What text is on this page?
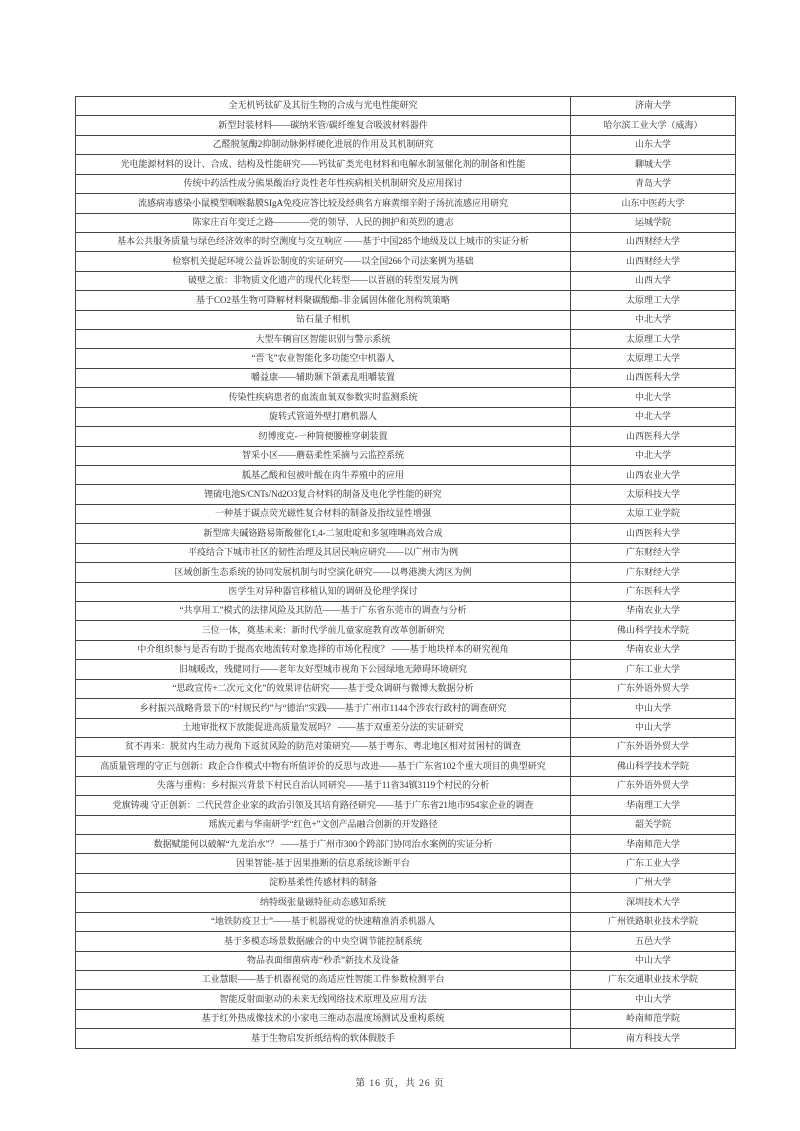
全无机钙钛矿及其衍生物的合成与光电性能研究	济南大学
新型封装材料——碳纳米管/碳纤维复合吸波材料器件	哈尔滨工业大学（威海）
乙醛脱氢酶2抑制动脉粥样硬化进展的作用及其机制研究	山东大学
光电能源材料的设计、合成、结构及性能研究——钙钛矿类光电材料和电解水制氢催化剂的制备和性能	聊城大学
传统中药活性成分熊果酸治疗炎性老年性疾病相关机制研究及应用探讨	青岛大学
流感病毒感染小鼠模型咽喉黏膜SIgA免疫应答比较及经典名方麻黄细辛附子汤抗流感应用研究	山东中医药大学
陈家庄百年变迁之路————党的领导、人民的拥护和英烈的遗志	运城学院
基本公共服务质量与绿色经济效率的时空测度与交互响应 ——基于中国285个地级及以上城市的实证分析	山西财经大学
检察机关提起环境公益诉讼制度的实证研究——以全国266个司法案例为基础	山西财经大学
破壁之旅：非物质文化遗产的现代化转型——以晋剧的转型发展为例	山西大学
基于CO2基生物可降解材料聚碳酸酯-非金属固体催化剂构筑策略	太原理工大学
钻石量子相机	中北大学
大型车辆盲区智能识别与警示系统	太原理工大学
“晋飞”农业智能化多功能空中机器人	太原理工大学
嚼益康——辅助颞下颌紊乱咀嚼装置	山西医科大学
传染性疾病患者的血流血氧双参数实时监测系统	中北大学
旋转式管道外壁打磨机器人	中北大学
纫博度克-一种简便腰椎穿刺装置	山西医科大学
智采小区——蘑菇柔性采摘与云监控系统	中北大学
胍基乙酸和包被叶酸在肉牛养殖中的应用	山西农业大学
锂硫电池S/CNTs/Nd2O3复合材料的制备及电化学性能的研究	太原科技大学
一种基于碳点荧光磁性复合材料的制备及指纹显性增强	太原工业学院
新型席夫碱铬路易斯酸催化1,4-二氢吡啶和多氢喹啉高效合成	山西医科大学
平疫结合下城市社区的韧性治理及其居民响应研究——以广州市为例	广东财经大学
区域创新生态系统的协同发展机制与时空演化研究——以粤港澳大湾区为例	广东财经大学
医学生对异种器官移植认知的调研及伦理学探讨	广东医科大学
“共享用工”模式的法律风险及其防范——基于广东省东莞市的调查与分析	华南农业大学
三位一体，奠基未来：新时代学前儿童家庭教育改革创新研究	佛山科学技术学院
中介组织参与是否有助于提高农地流转对象选择的市场化程度？ ——基于地块样本的研究视角	华南农业大学
旧城暖改，残健同行——老年友好型城市视角下公园绿地无障碍环境研究	广东工业大学
“思政宣传+二次元文化”的效果评估研究——基于受众调研与微博大数据分析	广东外语外贸大学
乡村振兴战略背景下的“村规民约”与“德治”实践——基于广州市1144个涉农行政村的调查研究	中山大学
土地审批权下放能促进高质量发展吗？ ——基于双重差分法的实证研究	中山大学
贫不再来：脱贫内生动力视角下返贫风险的防范对策研究——基于粤东、粤北地区相对贫困村的调查	广东外语外贸大学
高质量管理的守正与创新：政企合作模式中物有所值评价的反思与改进——基于广东省102个重大项目的典型研究	佛山科学技术学院
失落与重构：乡村振兴背景下村民自治认同研究——基于11省34镇3119个村民的分析	广东外语外贸大学
党旗铸魂 守正创新：二代民营企业家的政治引领及其培育路径研究——基于广东省21地市954家企业的调查	华南理工大学
瑶族元素与华南研学“红色+”文创产品融合创新的开发路径	韶关学院
数据赋能何以破解“九龙治水”？ ——基于广州市300个跨部门协同治水案例的实证分析	华南师范大学
因果智能-基于因果推断的信息系统诊断平台	广东工业大学
淀粉基柔性传感材料的制备	广州大学
纳特级张量磁特征动态感知系统	深圳技术大学
“地铁防疫卫士”——基于机器视觉的快速精准消杀机器人	广州铁路职业技术学院
基于多模态场景数据融合的中央空调节能控制系统	五邑大学
物品表面细菌病毒“秒杀”新技术及设备	中山大学
工业慧眼——基于机器视觉的高适应性智能工件参数检测平台	广东交通职业技术学院
智能反射面驱动的未来无线网络技术原理及应用方法	中山大学
基于红外热成像技术的小家电三维动态温度场测试及重构系统	岭南师范学院
基于生物启发折纸结构的软体假肢手	南方科技大学
第 16 页，共 26 页
